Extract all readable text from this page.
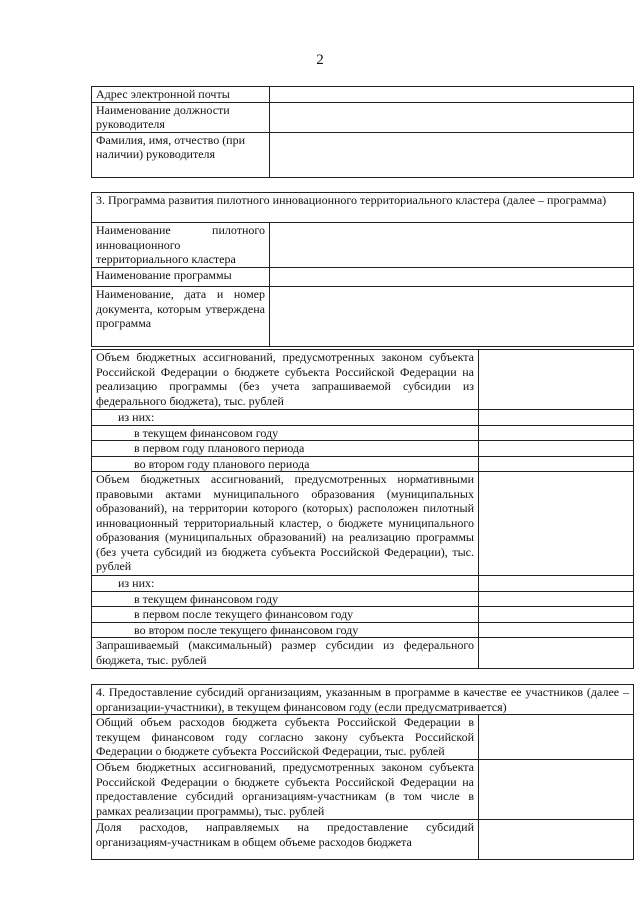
2
Адрес электронной почты	
Наименование должности руководителя	
Фамилия, имя, отчество (при наличии) руководителя	
3. Программа развития пилотного инновационного территориального кластера (далее – программа)	
Наименование пилотного инновационного территориального кластера	
Наименование программы	
Наименование, дата и номер документа, которым утверждена программа	
Объем бюджетных ассигнований, предусмотренных законом субъекта Российской Федерации о бюджете субъекта Российской Федерации на реализацию программы (без учета запрашиваемой субсидии из федерального бюджета), тыс. рублей	
из них:	
в текущем финансовом году	
в первом году планового периода	
во втором году планового периода	
Объем бюджетных ассигнований, предусмотренных нормативными правовыми актами муниципального образования (муниципальных образований), на территории которого (которых) расположен пилотный инновационный территориальный кластер, о бюджете муниципального образования (муниципальных образований) на реализацию программы (без учета субсидий из бюджета субъекта Российской Федерации), тыс. рублей	
из них:	
в текущем финансовом году	
в первом после текущего финансовом году	
во втором после текущего финансовом году	
Запрашиваемый (максимальный) размер субсидии из федерального бюджета, тыс. рублей	
4. Предоставление субсидий организациям, указанным в программе в качестве ее участников (далее – организации-участники), в текущем финансовом году (если предусматривается)	
Общий объем расходов бюджета субъекта Российской Федерации в текущем финансовом году согласно закону субъекта Российской Федерации о бюджете субъекта Российской Федерации, тыс. рублей	
Объем бюджетных ассигнований, предусмотренных законом субъекта Российской Федерации о бюджете субъекта Российской Федерации на предоставление субсидий организациям-участникам (в том числе в рамках реализации программы), тыс. рублей	
Доля расходов, направляемых на предоставление субсидий организациям-участникам в общем объеме расходов бюджета	
